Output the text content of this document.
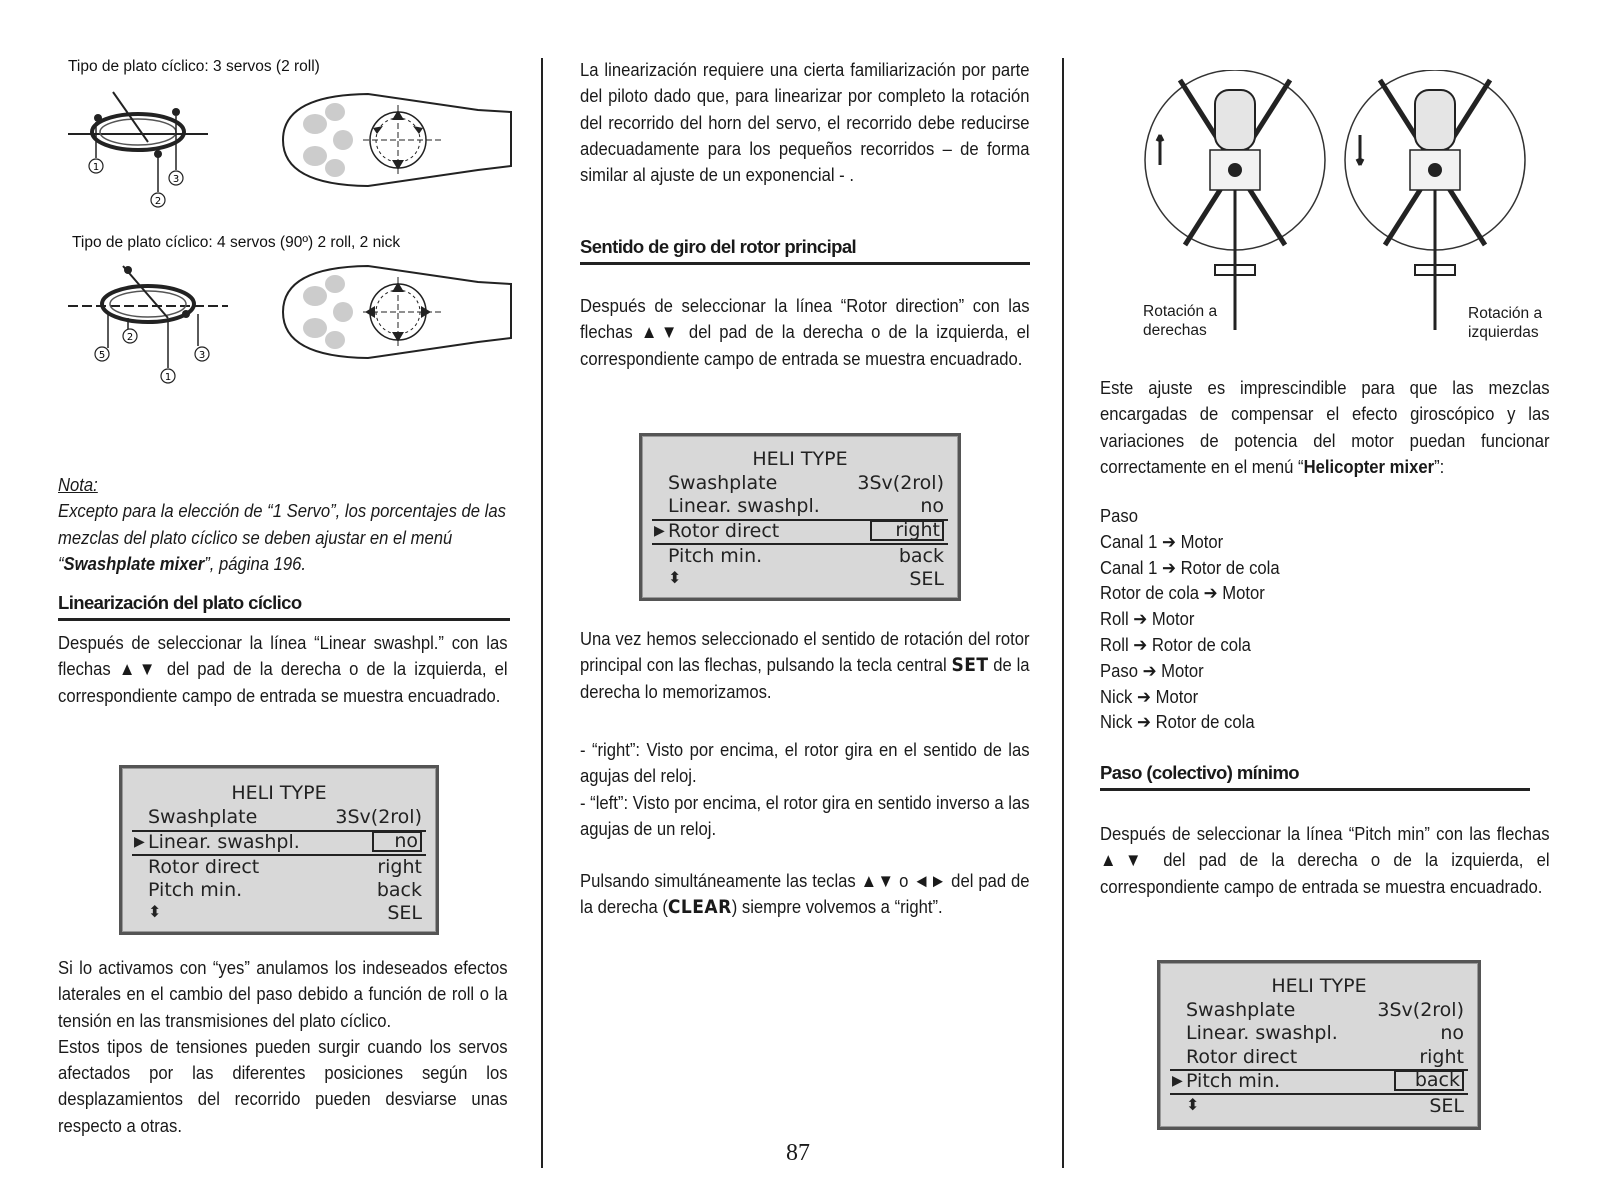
Tipo de plato cíclico: 3 servos (2 roll)

1
2
3

Tipo de plato cíclico: 4 servos (90º) 2 roll, 2 nick

2
5
1
3

Nota:
Excepto para la elección de “1 Servo”, los porcentajes de las mezclas del plato cíclico se deben ajustar en el menú “Swashplate mixer”, página 196.

Linearización del plato cíclico

Después de seleccionar la línea “Linear swashpl.” con las flechas ▲▼ del pad de la derecha o de la izquierda, el correspondiente campo de entrada se muestra encuadrado.

HELI TYPE
Swashplate	3Sv(2rol)
▶ Linear. swashpl.	no
Rotor direct	right
Pitch min.	back
⬍	SEL

Si lo activamos con “yes” anulamos los indeseados efectos laterales en el cambio del paso debido a función de roll o la tensión en las transmisiones del plato cíclico.

Estos tipos de tensiones pueden surgir cuando los servos afectados por las diferentes posiciones según los desplazamientos del recorrido pueden desviarse unas respecto a otras.

La linearización requiere una cierta familiarización por parte del piloto dado que, para linearizar por completo la rotación del recorrido del horn del servo, el recorrido debe reducirse adecuadamente para los pequeños recorridos – de forma similar al ajuste de un exponencial - .

Sentido de giro del rotor principal

Después de seleccionar la línea “Rotor direction” con las flechas ▲▼ del pad de la derecha o de la izquierda, el correspondiente campo de entrada se muestra encuadrado.

HELI TYPE
Swashplate	3Sv(2rol)
Linear. swashpl.	no
▶ Rotor direct	right
Pitch min.	back
⬍	SEL

Una vez hemos seleccionado el sentido de rotación del rotor principal con las flechas, pulsando la tecla central SET de la derecha lo memorizamos.

- “right”: Visto por encima, el rotor gira en el sentido de las agujas del reloj.

- “left”: Visto por encima, el rotor gira en sentido inverso a las agujas de un reloj.

Pulsando simultáneamente las teclas ▲▼ o ◄► del pad de la derecha (CLEAR) siempre volvemos a “right”.

Rotación a derechas
Rotación a izquierdas

Este ajuste es imprescindible para que las mezclas encargadas de compensar el efecto giroscópico y las variaciones de potencia del motor puedan funcionar correctamente en el menú “Helicopter mixer”:

Paso
Canal 1 ➔ Motor
Canal 1 ➔ Rotor de cola
Rotor de cola ➔ Motor
Roll ➔ Motor
Roll ➔ Rotor de cola
Paso ➔ Motor
Nick ➔ Motor
Nick ➔ Rotor de cola

Paso (colectivo) mínimo

Después de seleccionar la línea “Pitch min” con las flechas ▲▼ del pad de la derecha o de la izquierda, el correspondiente campo de entrada se muestra encuadrado.

HELI TYPE
Swashplate	3Sv(2rol)
Linear. swashpl.	no
Rotor direct	right
▶ Pitch min.	back
⬍	SEL
87
